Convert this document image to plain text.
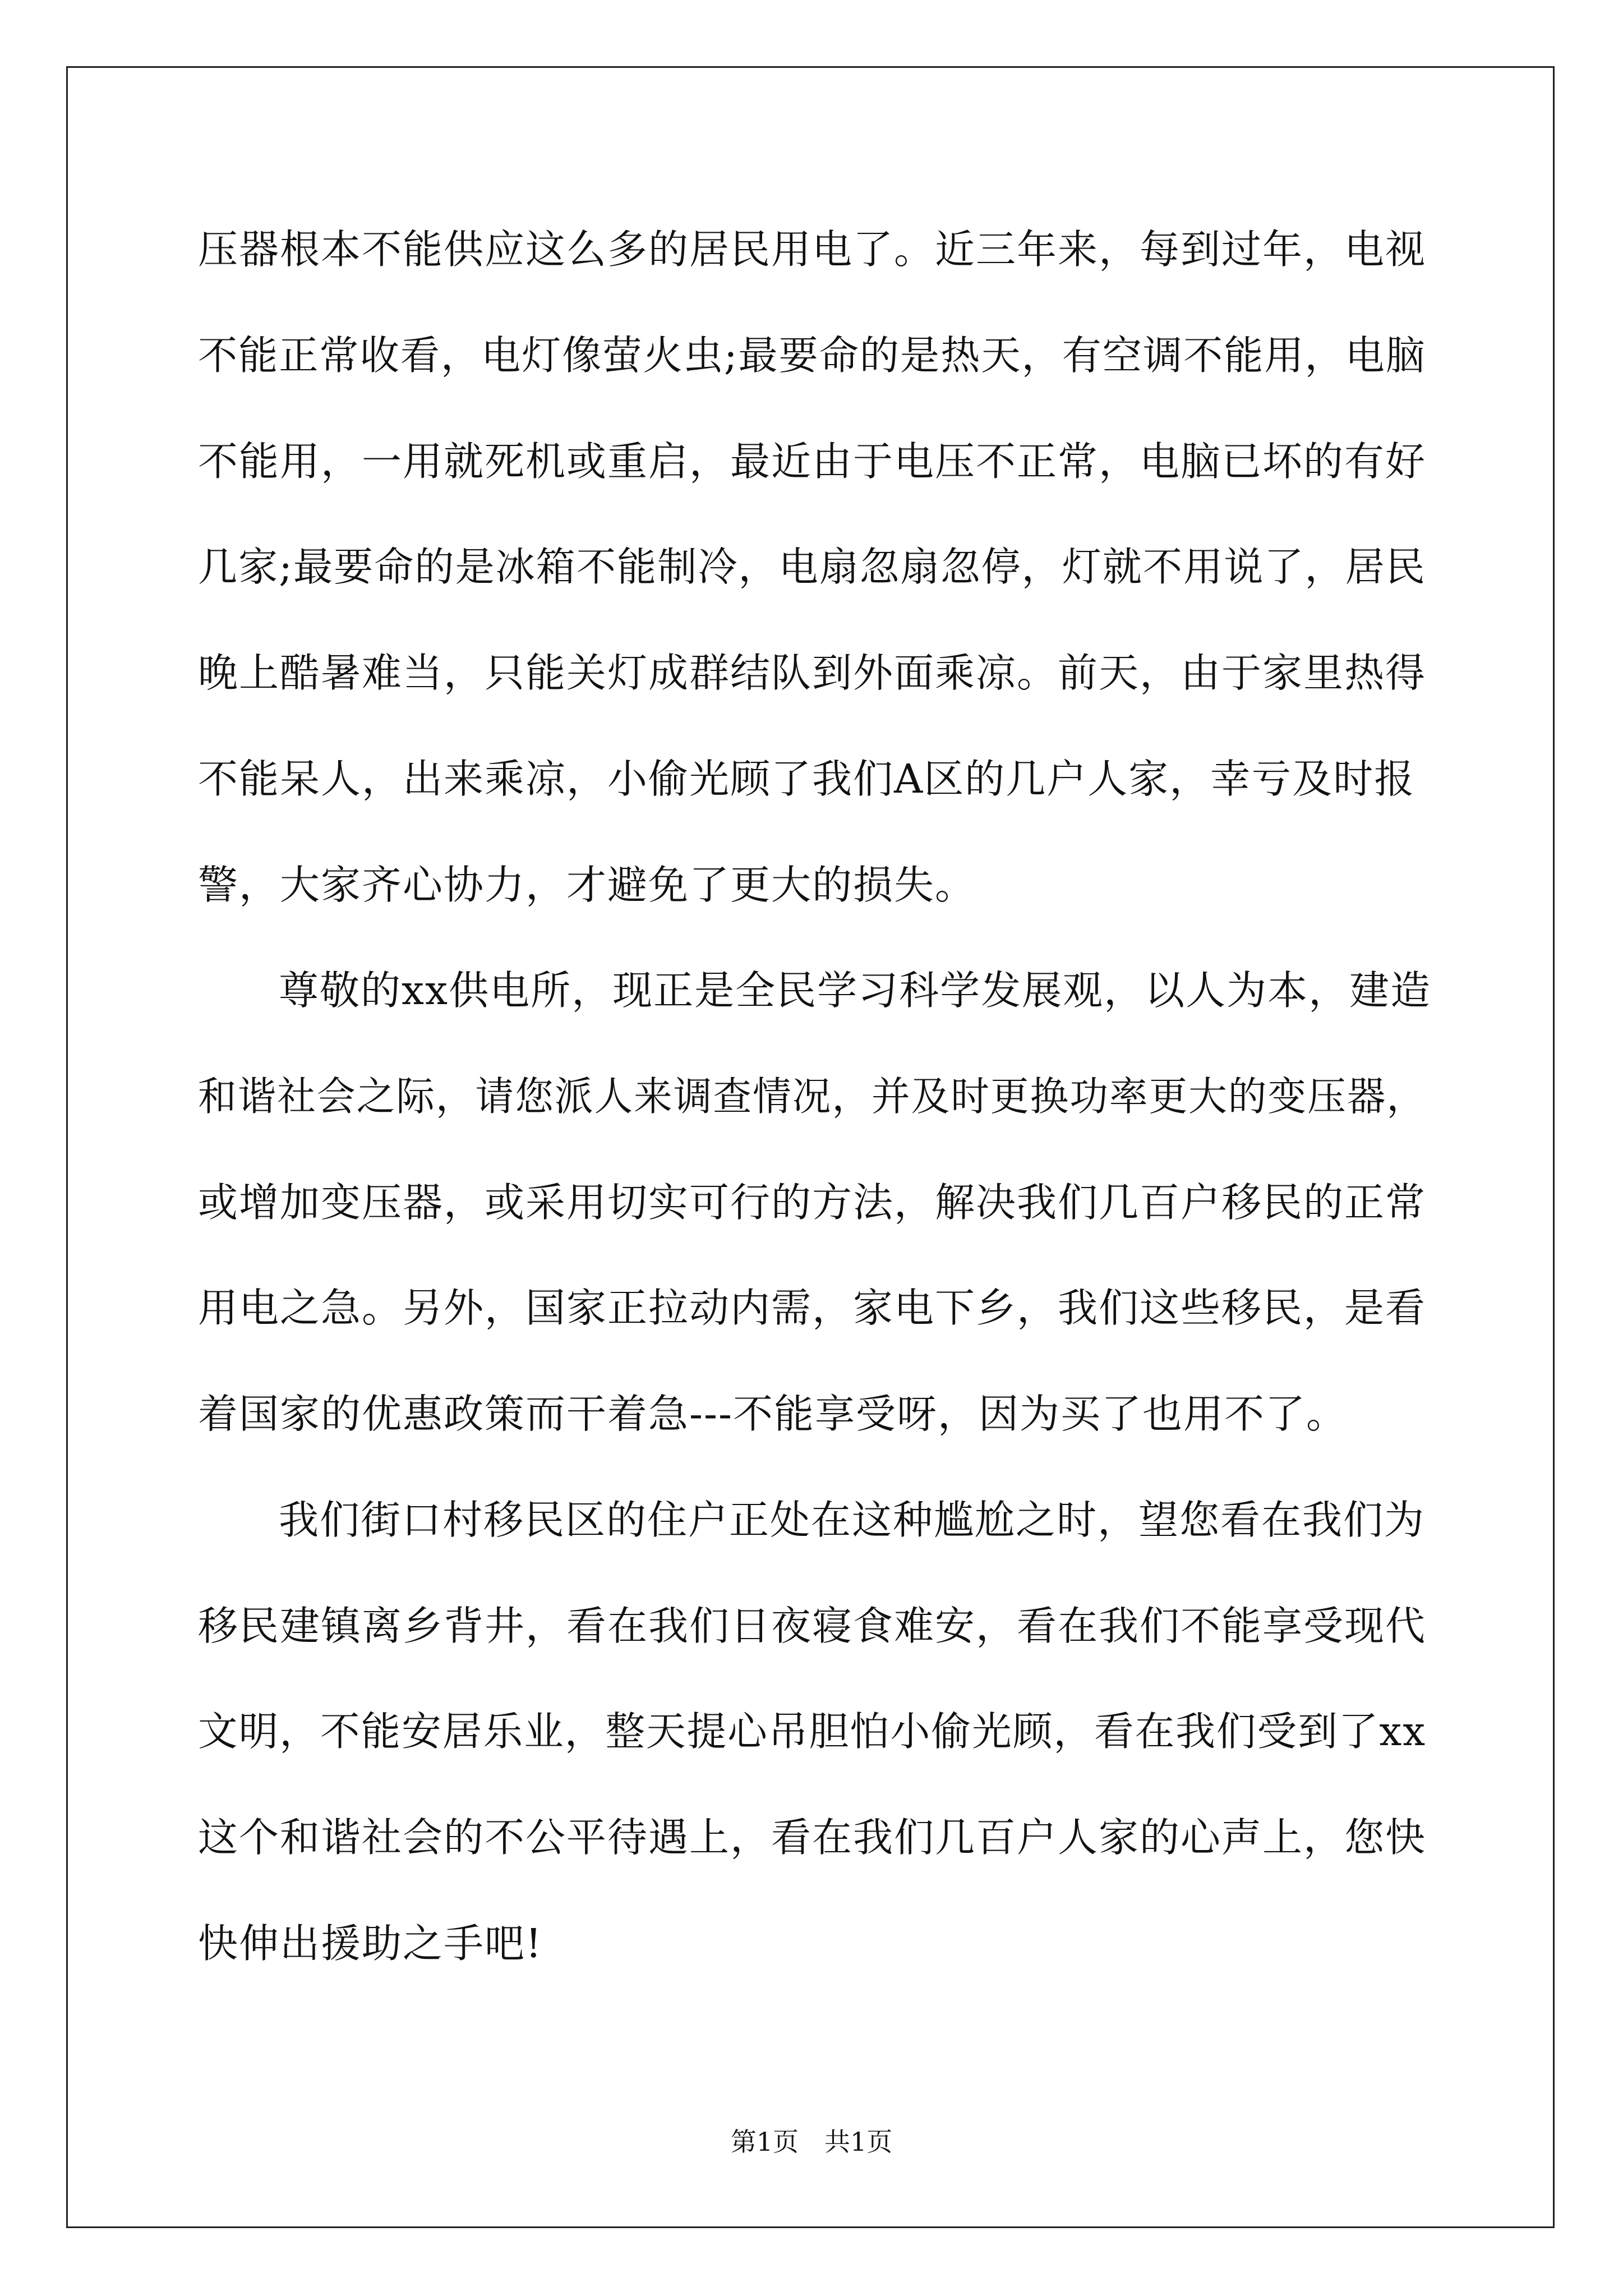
压器根本不能供应这么多的居民用电了。近三年来，每到过年，电视
不能正常收看，电灯像萤火虫;最要命的是热天，有空调不能用，电脑
不能用，一用就死机或重启，最近由于电压不正常，电脑已坏的有好
几家;最要命的是冰箱不能制冷，电扇忽扇忽停，灯就不用说了，居民
晚上酷暑难当，只能关灯成群结队到外面乘凉。前天，由于家里热得
不能呆人，出来乘凉，小偷光顾了我们A区的几户人家，幸亏及时报
警，大家齐心协力，才避免了更大的损失。
尊敬的xx供电所，现正是全民学习科学发展观，以人为本，建造
和谐社会之际，请您派人来调查情况，并及时更换功率更大的变压器，
或增加变压器，或采用切实可行的方法，解决我们几百户移民的正常
用电之急。另外，国家正拉动内需，家电下乡，我们这些移民，是看
着国家的优惠政策而干着急---不能享受呀，因为买了也用不了。
我们街口村移民区的住户正处在这种尴尬之时，望您看在我们为
移民建镇离乡背井，看在我们日夜寝食难安，看在我们不能享受现代
文明，不能安居乐业，整天提心吊胆怕小偷光顾，看在我们受到了xx
这个和谐社会的不公平待遇上，看在我们几百户人家的心声上，您快
快伸出援助之手吧!
第1页　共1页
